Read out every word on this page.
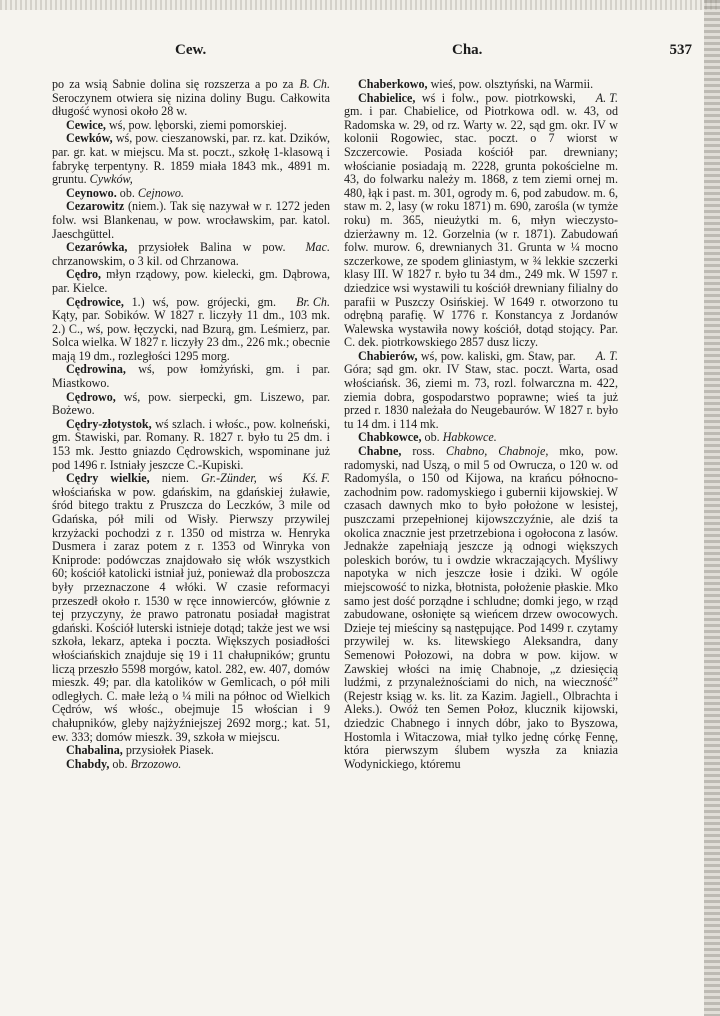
Cew.	Cha.	537

B. Ch.
po za wsią Sabnie dolina się rozszerza a po za Seroczynem otwiera się nizina doliny Bugu. Całkowita długość wynosi około 28 w.

Cewice, wś, pow. lęborski, ziemi pomorskiej.

Cewków, wś, pow. cieszanowski, par. rz. kat. Dzików, par. gr. kat. w miejscu. Ma st. poczt., szkołę 1-klasową i fabrykę terpentyny. R. 1859 miała 1843 mk., 4891 m. gruntu. Cywków,

Ceynowo. ob. Cejnowo.

Cezarowitz (niem.). Tak się nazywał w r. 1272 jeden folw. wsi Blankenau, w pow. wrocławskim, par. katol. Jaeschgüttel.

Mac.
Cezarówka, przysiołek Balina w pow. chrzanowskim, o 3 kil. od Chrzanowa.

Cędro, młyn rządowy, pow. kielecki, gm. Dąbrowa, par. Kielce.

Br. Ch.
Cędrowice, 1.) wś, pow. grójecki, gm. Kąty, par. Sobików. W 1827 r. liczyły 11 dm., 103 mk. 2.) C., wś, pow. łęczycki, nad Bzurą, gm. Leśmierz, par. Solca wielka. W 1827 r. liczyły 23 dm., 226 mk.; obecnie mają 19 dm., rozległości 1295 morg.

Cędrowina, wś, pow łomżyński, gm. i par. Miastkowo.

Cędrowo, wś, pow. sierpecki, gm. Liszewo, par. Bożewo.

Cędry-złotystok, wś szlach. i włośc., pow. kolneński, gm. Stawiski, par. Romany. R. 1827 r. było tu 25 dm. i 153 mk. Jestto gniazdo Cędrowskich, wspominane już pod 1496 r. Istniały jeszcze C.-Kupiski.

Kś. F.
Cędry wielkie, niem. Gr.-Zünder, wś włościańska w pow. gdańskim, na gdańskiej żuławie, śród bitego traktu z Pruszcza do Leczków, 3 mile od Gdańska, pół mili od Wisły. Pierwszy przywilej krzyżacki pochodzi z r. 1350 od mistrza w. Henryka Dusmera i zaraz potem z r. 1353 od Winryka von Kniprode: podówczas znajdowało się włók wszystkich 60; kościół katolicki istniał już, ponieważ dla proboszcza były przeznaczone 4 włóki. W czasie reformacyi przeszedł około r. 1530 w ręce innowierców, głównie z tej przyczyny, że prawo patronatu posiadał magistrat gdański. Kościół luterski istnieje dotąd; także jest we wsi szkoła, lekarz, apteka i poczta. Większych posiadłości włościańskich znajduje się 19 i 11 chałupników; gruntu liczą przeszło 5598 morgów, katol. 282, ew. 407, domów mieszk. 49; par. dla katolików w Gemlicach, o pół mili odległych. C. małe leżą o ¼ mili na północ od Wielkich Cędrów, wś włośc., obejmuje 15 włościan i 9 chałupników, gleby najżyźniejszej 2692 morg.; kat. 51, ew. 333; domów mieszk. 39, szkoła w miejscu.

Chabalina, przysiołek Piasek.

Chabdy, ob. Brzozowo.

Chaberkowo, wieś, pow. olsztyński, na Warmii.

A. T.
Chabielice, wś i folw., pow. piotrkowski, gm. i par. Chabielice, od Piotrkowa odl. w. 43, od Radomska w. 29, od rz. Warty w. 22, sąd gm. okr. IV w kolonii Rogowiec, stac. poczt. o 7 wiorst w Szczercowie. Posiada kościół par. drewniany; włościanie posiadają m. 2228, grunta pokościelne m. 43, do folwarku należy m. 1868, z tem ziemi ornej m. 480, łąk i past. m. 301, ogrody m. 6, pod zabudow. m. 6, staw m. 2, lasy (w roku 1871) m. 690, zarośla (w tymże roku) m. 365, nieużytki m. 6, młyn wieczysto-dzierżawny m. 12. Gorzelnia (w r. 1871). Zabudowań folw. murow. 6, drewnianych 31. Grunta w ¼ mocno szczerkowe, ze spodem gliniastym, w ¾ lekkie szczerki klasy III. W 1827 r. było tu 34 dm., 249 mk. W 1597 r. dziedzice wsi wystawili tu kościół drewniany filialny do parafii w Puszczy Osińskiej. W 1649 r. otworzono tu odrębną parafię. W 1776 r. Konstancya z Jordanów Walewska wystawiła nowy kościół, dotąd stojący. Par. C. dek. piotrkowskiego 2857 dusz liczy.

A. T.
Chabierów, wś, pow. kaliski, gm. Staw, par. Góra; sąd gm. okr. IV Staw, stac. poczt. Warta, osad włościańsk. 36, ziemi m. 73, rozl. folwarczna m. 422, ziemia dobra, gospodarstwo poprawne; wieś ta już przed r. 1830 należała do Neugebaurów. W 1827 r. było tu 14 dm. i 114 mk.

Chabkowce, ob. Habkowce.

Chabne, ross. Chabno, Chabnoje, mko, pow. radomyski, nad Uszą, o mil 5 od Owrucza, o 120 w. od Radomyśla, o 150 od Kijowa, na krańcu północno-zachodnim pow. radomyskiego i gubernii kijowskiej. W czasach dawnych mko to było położone w lesistej, puszczami przepełnionej kijowszczyźnie, ale dziś ta okolica znacznie jest przetrzebiona i ogołocona z lasów. Jednakże zapełniają jeszcze ją odnogi większych poleskich borów, tu i owdzie wkraczających. Myśliwy napotyka w nich jeszcze łosie i dziki. W ogóle miejscowość to nizka, błotnista, położenie płaskie. Mko samo jest dość porządne i schludne; domki jego, w rząd zabudowane, osłonięte są wieńcem drzew owocowych. Dzieje tej mieściny są następujące. Pod 1499 r. czytamy przywilej w. ks. litewskiego Aleksandra, dany Semenowi Połozowi, na dobra w pow. kijow. w Zawskiej włości na imię Chabnoje, „z dziesięcią ludźmi, z przynależnościami do nich, na wieczność” (Rejestr ksiąg w. ks. lit. za Kazim. Jagiell., Olbrachta i Aleks.). Owóż ten Semen Połoz, klucznik kijowski, dziedzic Chabnego i innych dóbr, jako to Byszowa, Hostomla i Witaczowa, miał tylko jednę córkę Fennę, która pierwszym ślubem wyszła za kniazia Wodynickiego, któremu
